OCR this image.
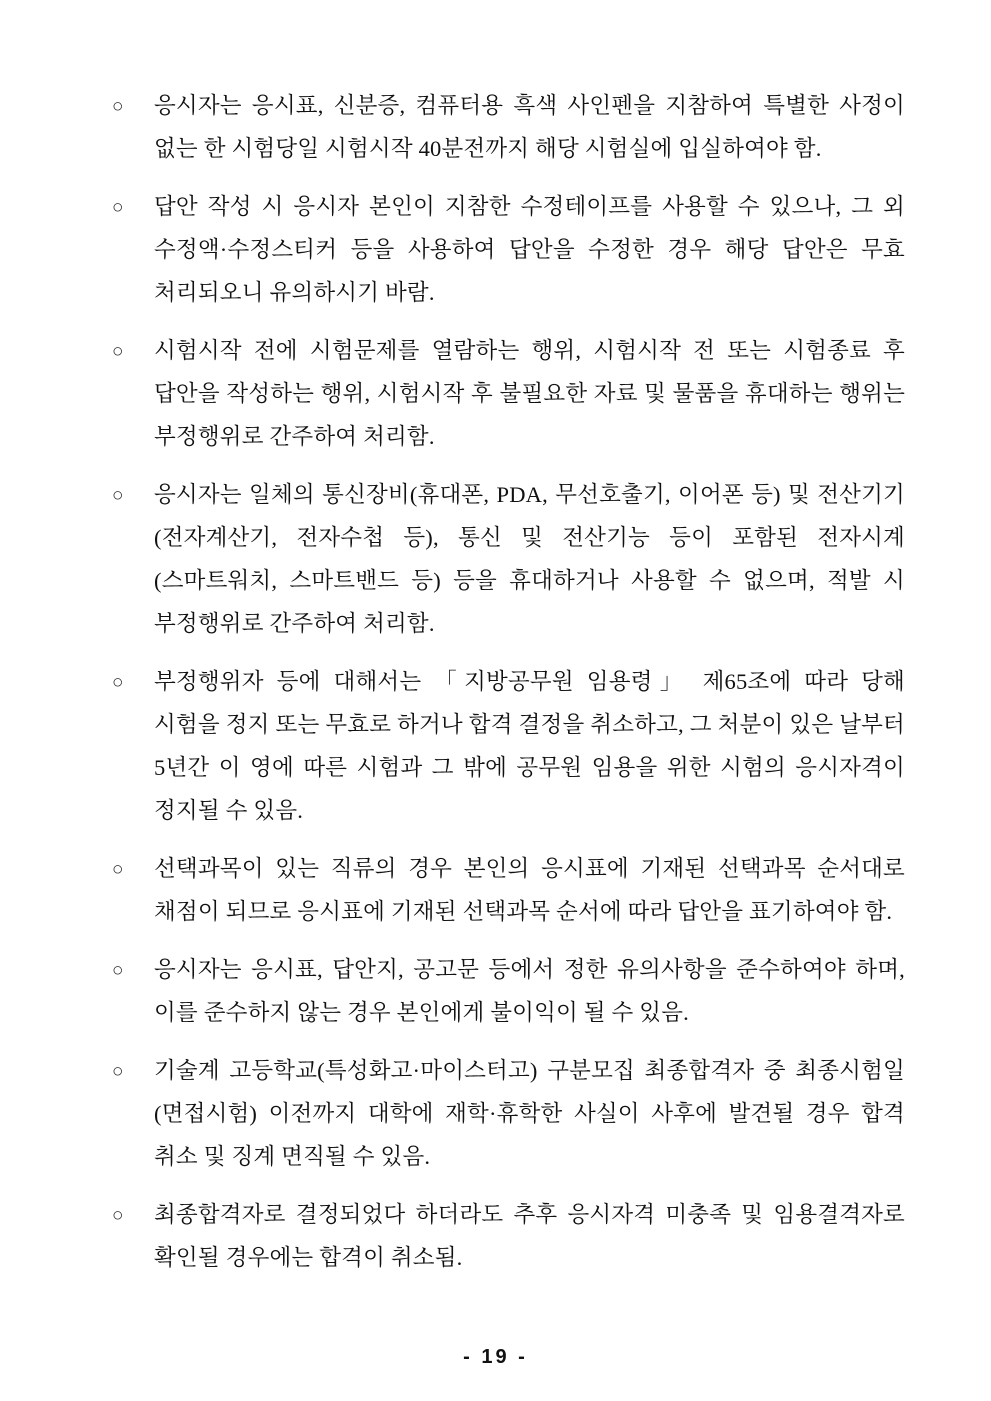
○	응시자는 응시표, 신분증, 컴퓨터용 흑색 사인펜을 지참하여 특별한 사정이 없는 한 시험당일 시험시작 40분전까지 해당 시험실에 입실하여야 함.
○	답안 작성 시 응시자 본인이 지참한 수정테이프를 사용할 수 있으나, 그 외 수정액·수정스티커 등을 사용하여 답안을 수정한 경우 해당 답안은 무효 처리되오니 유의하시기 바람.
○	시험시작 전에 시험문제를 열람하는 행위, 시험시작 전 또는 시험종료 후 답안을 작성하는 행위, 시험시작 후 불필요한 자료 및 물품을 휴대하는 행위는 부정행위로 간주하여 처리함.
○	응시자는 일체의 통신장비(휴대폰, PDA, 무선호출기, 이어폰 등) 및 전산기기(전자계산기, 전자수첩 등), 통신 및 전산기능 등이 포함된 전자시계(스마트워치, 스마트밴드 등) 등을 휴대하거나 사용할 수 없으며, 적발 시 부정행위로 간주하여 처리함.
○	부정행위자 등에 대해서는 「지방공무원 임용령」 제65조에 따라 당해 시험을 정지 또는 무효로 하거나 합격 결정을 취소하고, 그 처분이 있은 날부터 5년간 이 영에 따른 시험과 그 밖에 공무원 임용을 위한 시험의 응시자격이 정지될 수 있음.
○	선택과목이 있는 직류의 경우 본인의 응시표에 기재된 선택과목 순서대로 채점이 되므로 응시표에 기재된 선택과목 순서에 따라 답안을 표기하여야 함.
○	응시자는 응시표, 답안지, 공고문 등에서 정한 유의사항을 준수하여야 하며, 이를 준수하지 않는 경우 본인에게 불이익이 될 수 있음.
○	기술계 고등학교(특성화고·마이스터고) 구분모집 최종합격자 중 최종시험일(면접시험) 이전까지 대학에 재학·휴학한 사실이 사후에 발견될 경우 합격 취소 및 징계 면직될 수 있음.
○	최종합격자로 결정되었다 하더라도 추후 응시자격 미충족 및 임용결격자로 확인될 경우에는 합격이 취소됨.
- 19 -
